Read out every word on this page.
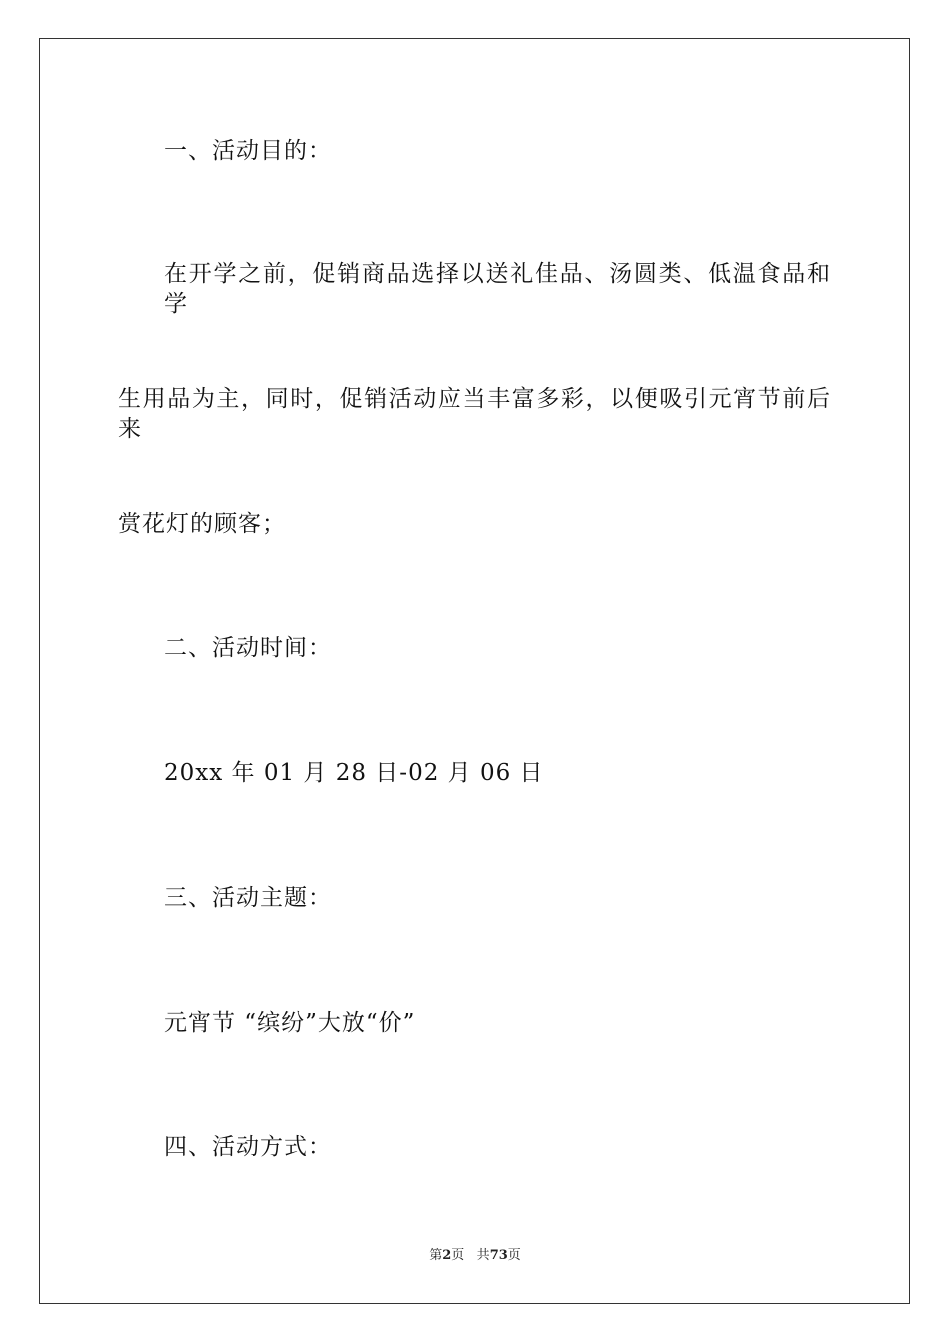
一、活动目的：
在开学之前，促销商品选择以送礼佳品、汤圆类、低温食品和学
生用品为主，同时，促销活动应当丰富多彩，以便吸引元宵节前后来
赏花灯的顾客；
二、活动时间：
20xx 年 01 月 28 日-02 月 06 日
三、活动主题：
元宵节 “缤纷”大放“价”
四、活动方式：
第2页 共73页
